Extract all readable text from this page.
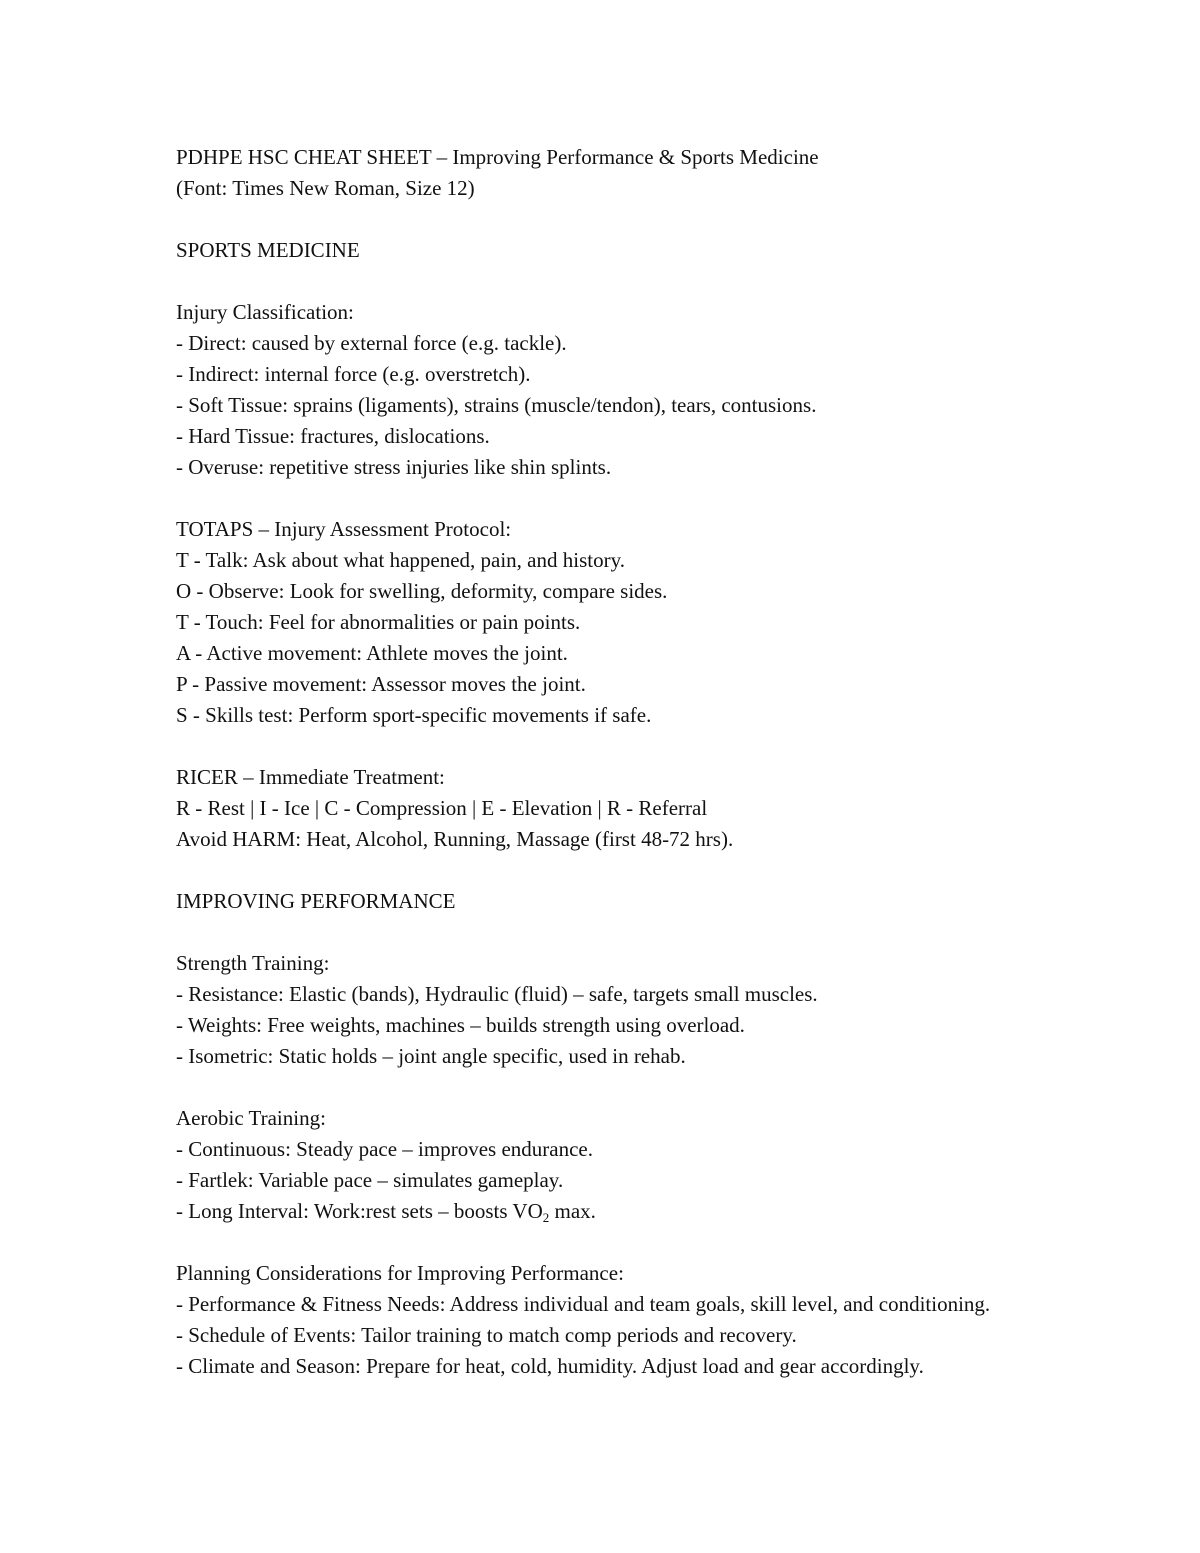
PDHPE HSC CHEAT SHEET – Improving Performance & Sports Medicine
(Font: Times New Roman, Size 12)
SPORTS MEDICINE
Injury Classification:
- Direct: caused by external force (e.g. tackle).
- Indirect: internal force (e.g. overstretch).
- Soft Tissue: sprains (ligaments), strains (muscle/tendon), tears, contusions.
- Hard Tissue: fractures, dislocations.
- Overuse: repetitive stress injuries like shin splints.
TOTAPS – Injury Assessment Protocol:
T - Talk: Ask about what happened, pain, and history.
O - Observe: Look for swelling, deformity, compare sides.
T - Touch: Feel for abnormalities or pain points.
A - Active movement: Athlete moves the joint.
P - Passive movement: Assessor moves the joint.
S - Skills test: Perform sport-specific movements if safe.
RICER – Immediate Treatment:
R - Rest | I - Ice | C - Compression | E - Elevation | R - Referral
Avoid HARM: Heat, Alcohol, Running, Massage (first 48-72 hrs).
IMPROVING PERFORMANCE
Strength Training:
- Resistance: Elastic (bands), Hydraulic (fluid) – safe, targets small muscles.
- Weights: Free weights, machines – builds strength using overload.
- Isometric: Static holds – joint angle specific, used in rehab.
Aerobic Training:
- Continuous: Steady pace – improves endurance.
- Fartlek: Variable pace – simulates gameplay.
- Long Interval: Work:rest sets – boosts $VO_2$ max.
Planning Considerations for Improving Performance:
- Performance & Fitness Needs: Address individual and team goals, skill level, and conditioning.
- Schedule of Events: Tailor training to match comp periods and recovery.
- Climate and Season: Prepare for heat, cold, humidity. Adjust load and gear accordingly.
